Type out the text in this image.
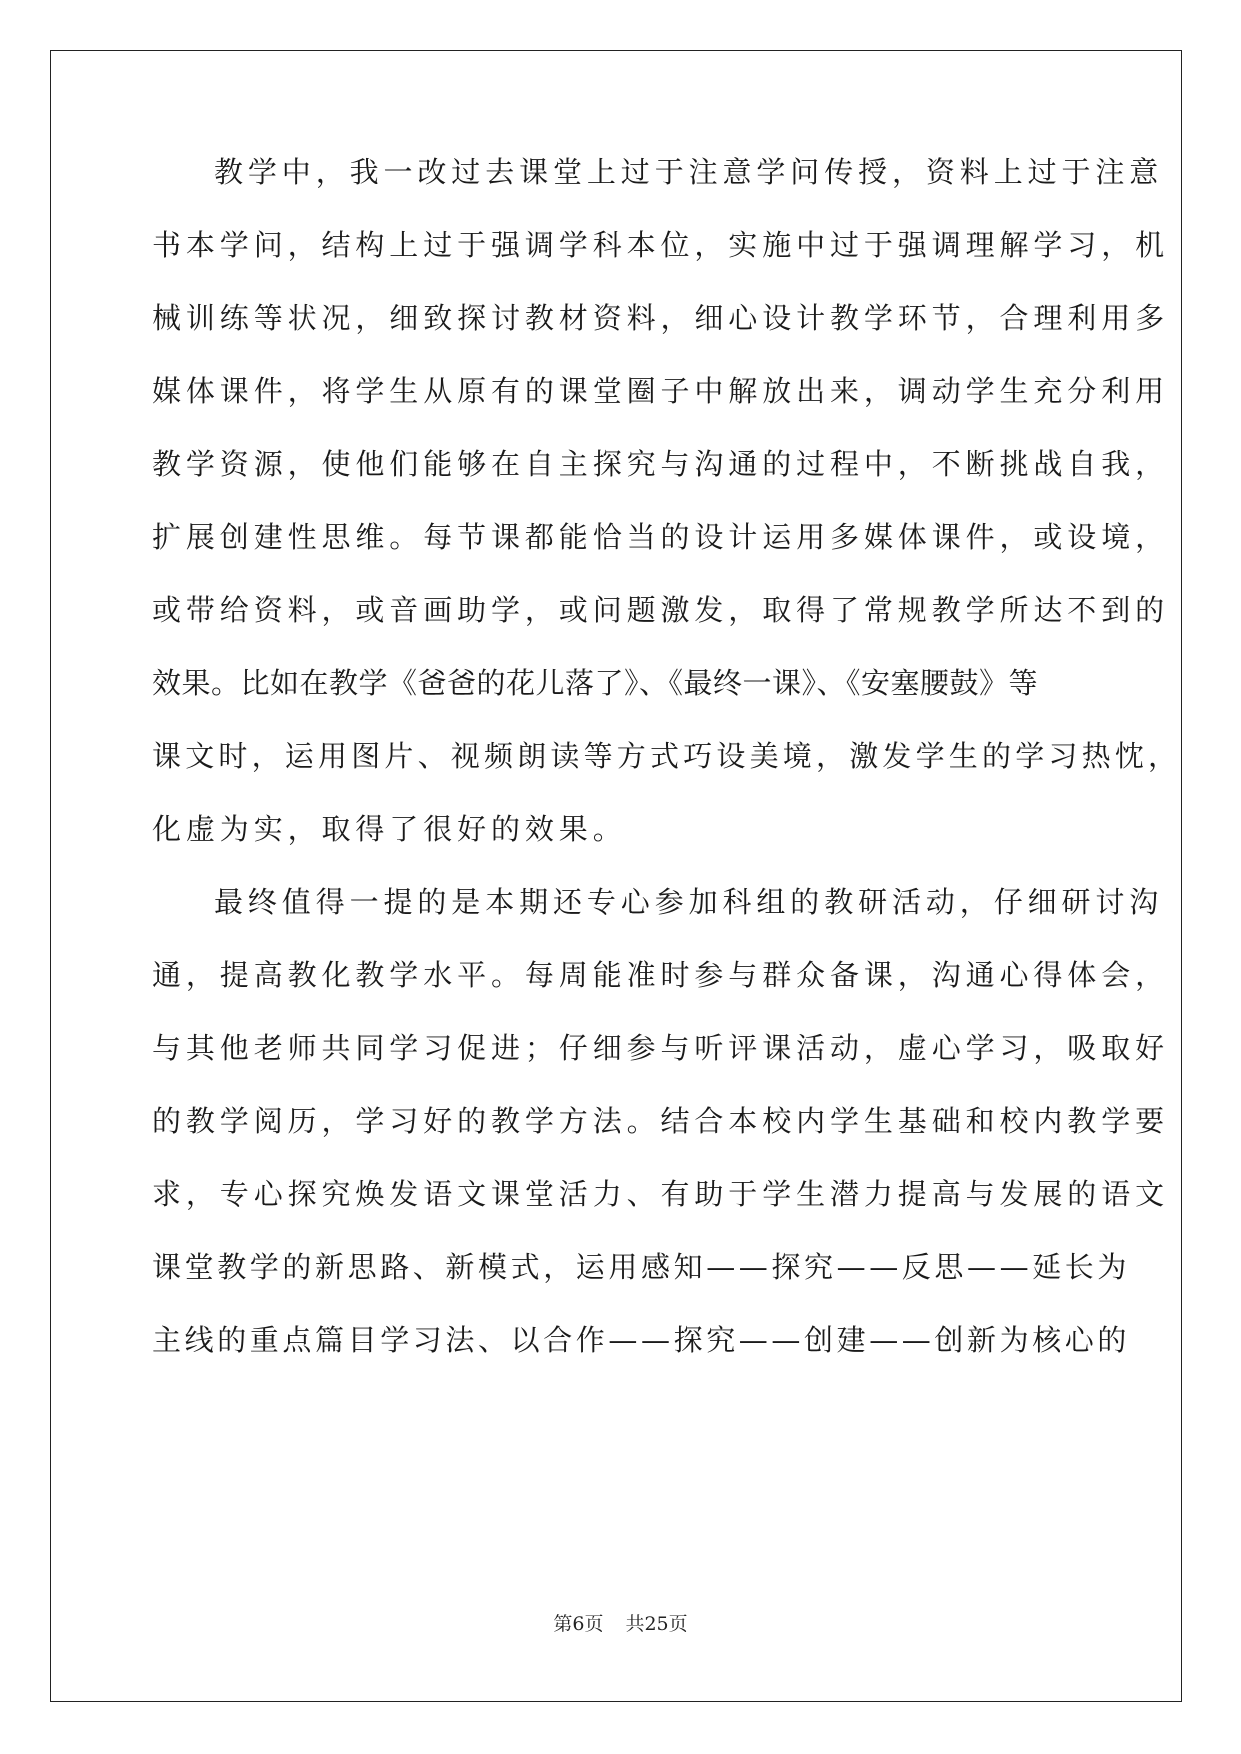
教学中，我一改过去课堂上过于注意学问传授，资料上过于注意
书本学问，结构上过于强调学科本位，实施中过于强调理解学习，机
械训练等状况，细致探讨教材资料，细心设计教学环节，合理利用多
媒体课件，将学生从原有的课堂圈子中解放出来，调动学生充分利用
教学资源，使他们能够在自主探究与沟通的过程中，不断挑战自我，
扩展创建性思维。每节课都能恰当的设计运用多媒体课件，或设境，
或带给资料，或音画助学，或问题激发，取得了常规教学所达不到的
效果。比如在教学《爸爸的花儿落了》、《最终一课》、《安塞腰鼓》等
课文时，运用图片、视频朗读等方式巧设美境，激发学生的学习热忱，
化虚为实，取得了很好的效果。
最终值得一提的是本期还专心参加科组的教研活动，仔细研讨沟
通，提高教化教学水平。每周能准时参与群众备课，沟通心得体会，
与其他老师共同学习促进；仔细参与听评课活动，虚心学习，吸取好
的教学阅历，学习好的教学方法。结合本校内学生基础和校内教学要
求，专心探究焕发语文课堂活力、有助于学生潜力提高与发展的语文
课堂教学的新思路、新模式，运用感知——探究——反思——延长为
主线的重点篇目学习法、以合作——探究——创建——创新为核心的
第6页 共25页
